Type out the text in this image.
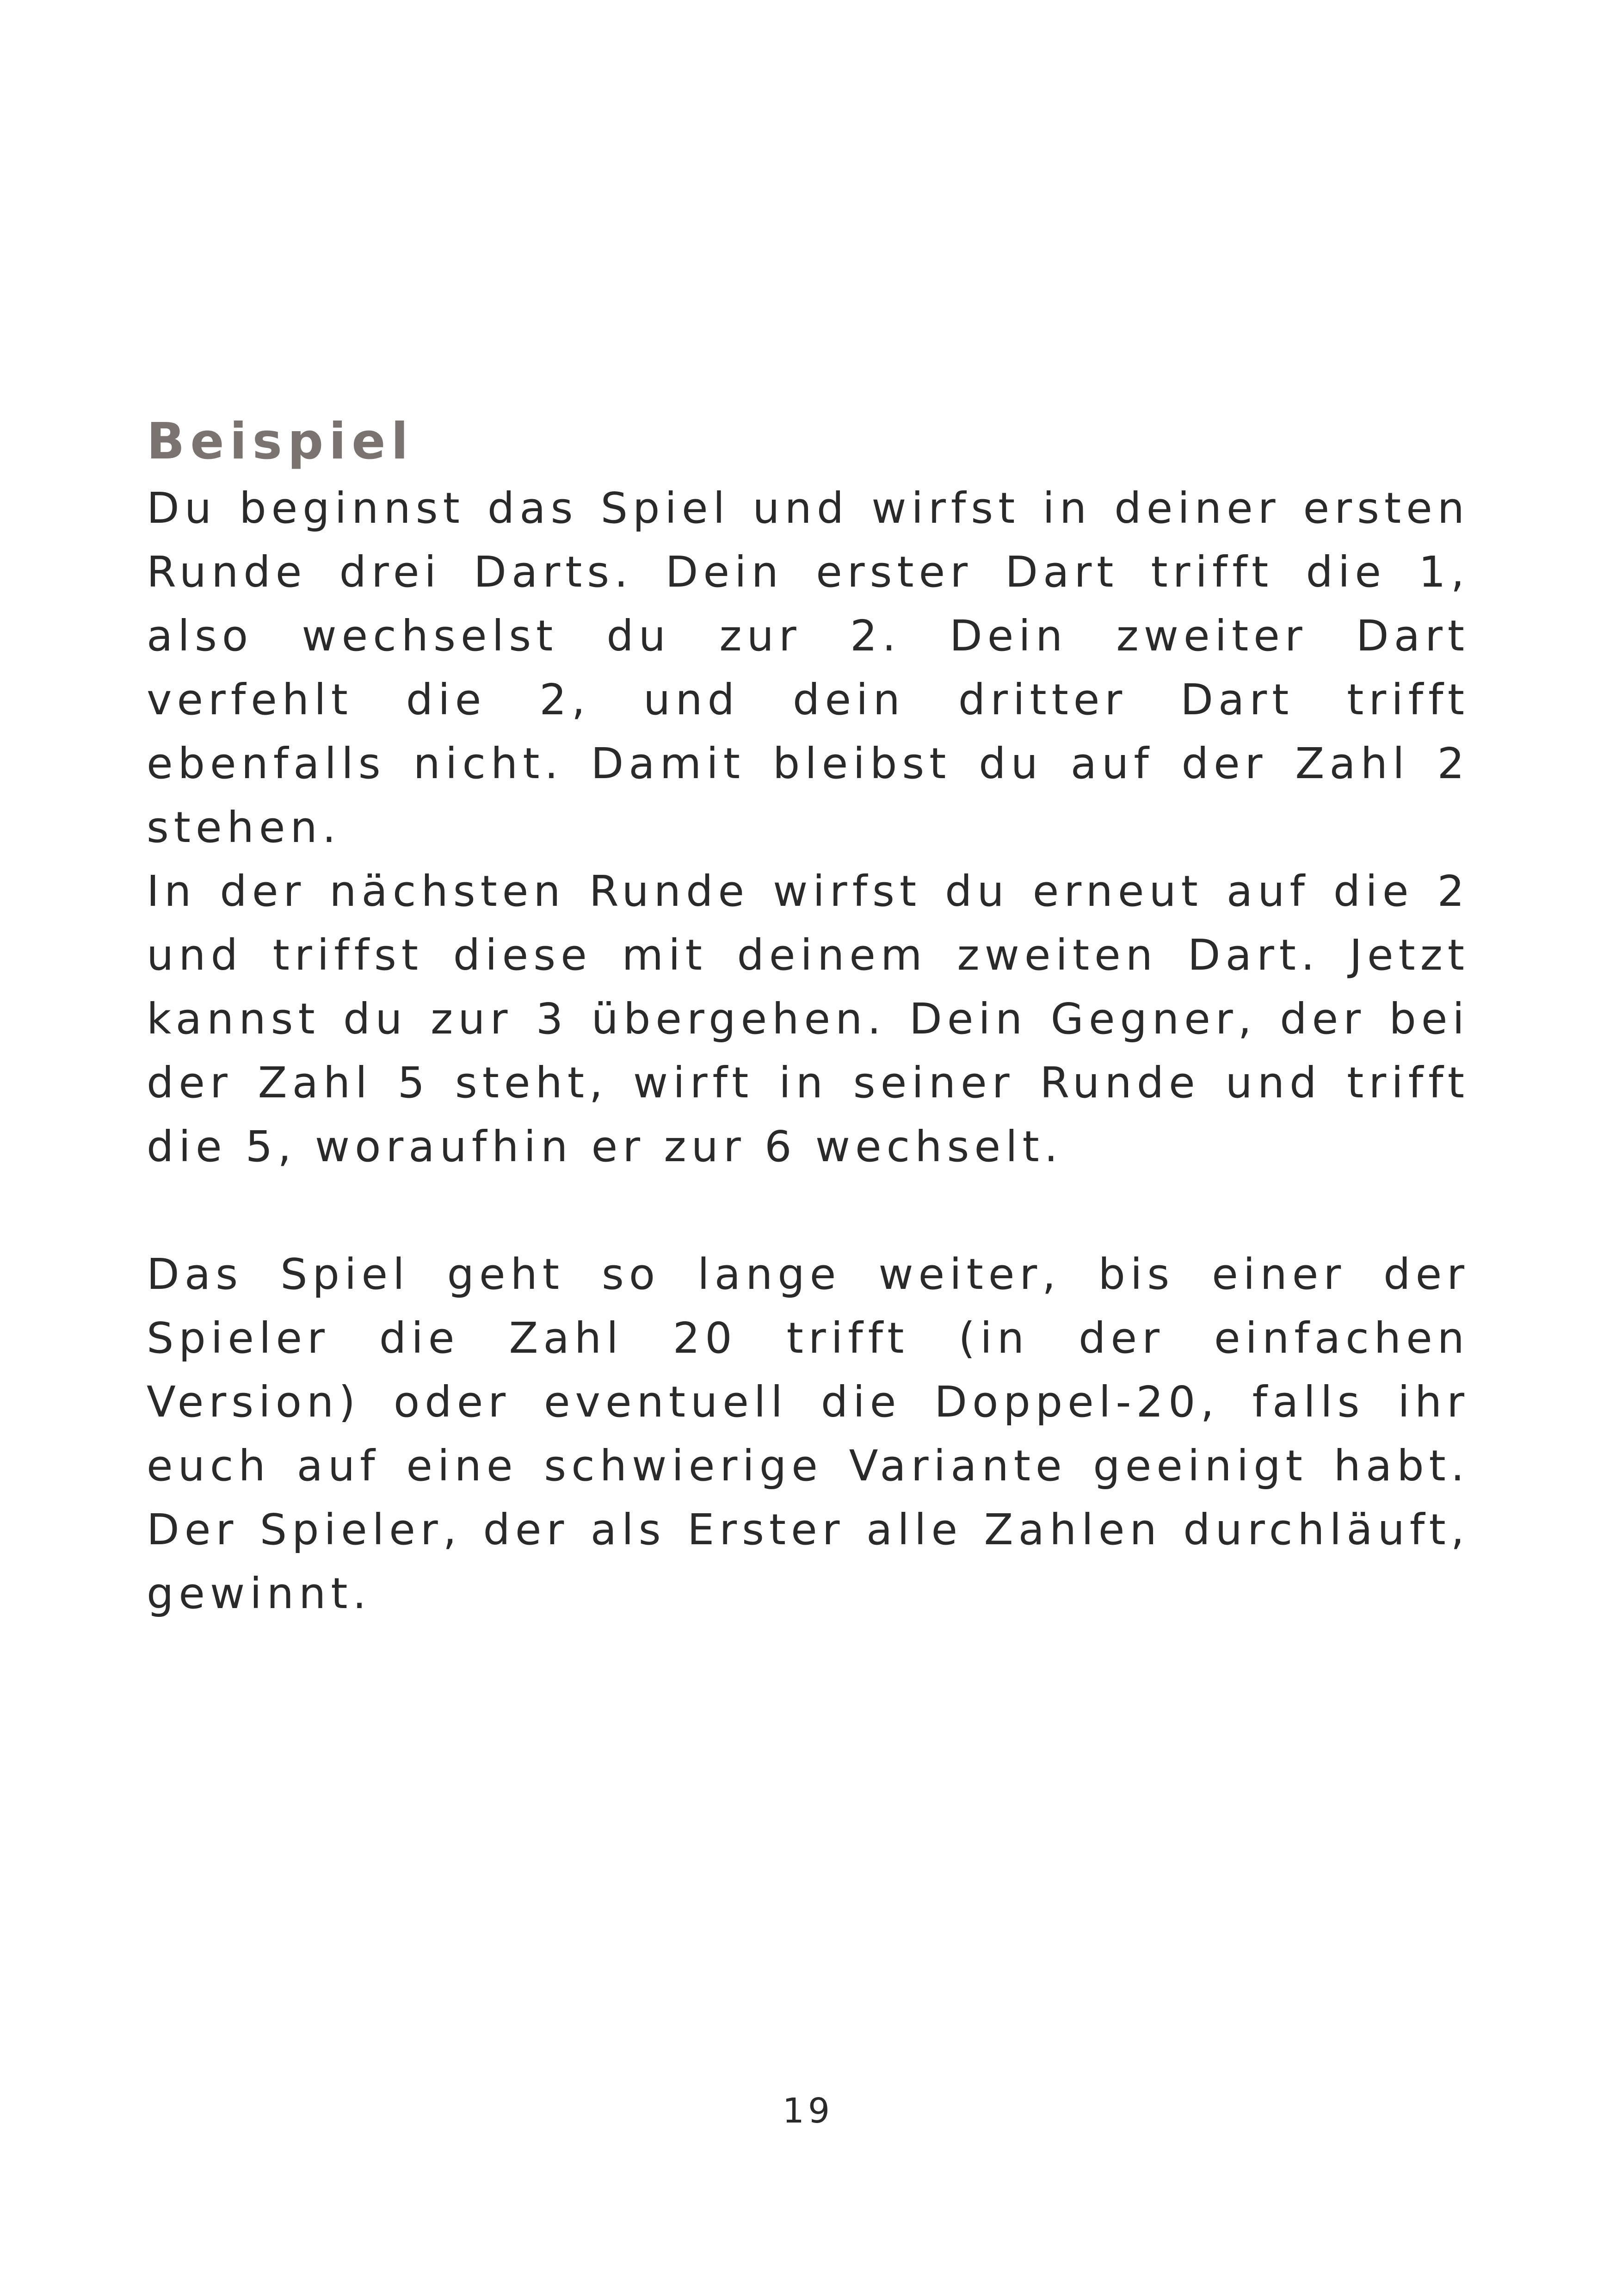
Beispiel

Du beginnst das Spiel und wirfst in deiner ersten Runde drei Darts. Dein erster Dart trifft die 1, also wechselst du zur 2. Dein zweiter Dart verfehlt die 2, und dein dritter Dart trifft ebenfalls nicht. Damit bleibst du auf der Zahl 2 stehen.

In der nächsten Runde wirfst du erneut auf die 2 und triffst diese mit deinem zweiten Dart. Jetzt kannst du zur 3 übergehen. Dein Gegner, der bei der Zahl 5 steht, wirft in seiner Runde und trifft die 5, woraufhin er zur 6 wechselt.

Das Spiel geht so lange weiter, bis einer der Spieler die Zahl 20 trifft (in der einfachen Version) oder eventuell die Doppel-20, falls ihr euch auf eine schwierige Variante geeinigt habt. Der Spieler, der als Erster alle Zahlen durchläuft, gewinnt.

19
